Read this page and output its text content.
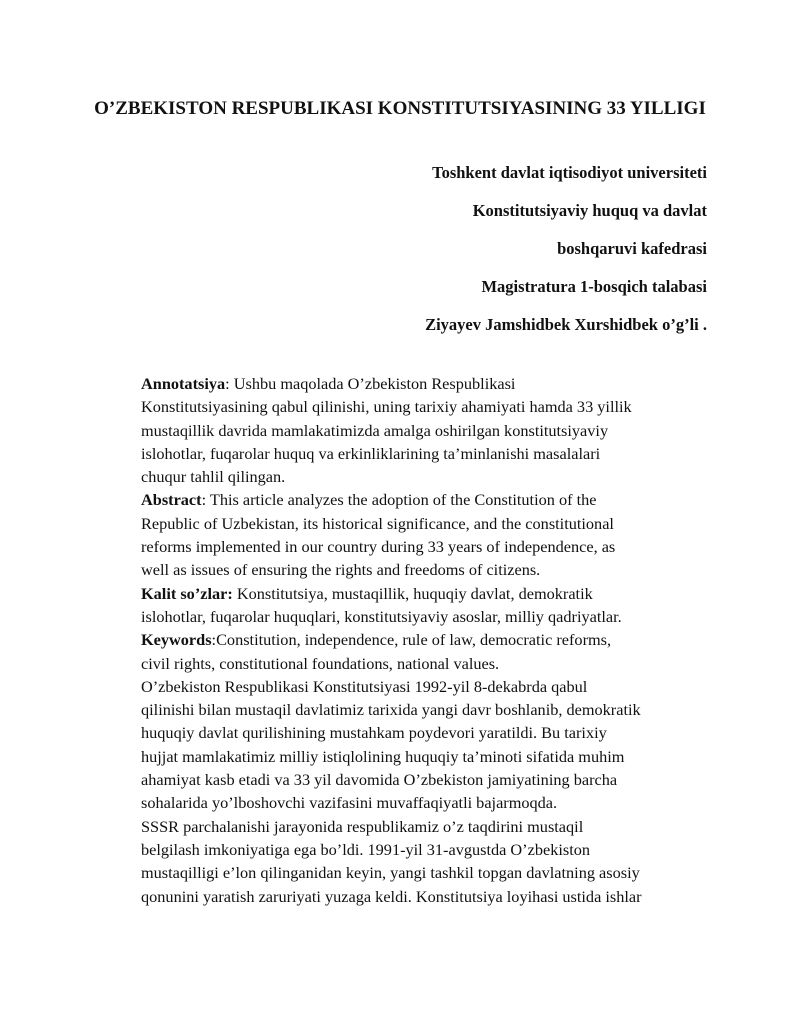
O’ZBEKISTON RESPUBLIKASI KONSTITUTSIYASINING 33 YILLIGI
Toshkent davlat iqtisodiyot universiteti
Konstitutsiyaviy huquq va davlat
boshqaruvi kafedrasi
Magistratura 1-bosqich talabasi
Ziyayev Jamshidbek Xurshidbek o’g’li .
Annotatsiya: Ushbu maqolada O’zbekiston Respublikasi
Konstitutsiyasining qabul qilinishi, uning tarixiy ahamiyati hamda 33 yillik
mustaqillik davrida mamlakatimizda amalga oshirilgan konstitutsiyaviy
islohotlar, fuqarolar huquq va erkinliklarining ta’minlanishi masalalari
chuqur tahlil qilingan.
Abstract: This article analyzes the adoption of the Constitution of the
Republic of Uzbekistan, its historical significance, and the constitutional
reforms implemented in our country during 33 years of independence, as
well as issues of ensuring the rights and freedoms of citizens.
Kalit so’zlar: Konstitutsiya, mustaqillik, huquqiy davlat, demokratik
islohotlar, fuqarolar huquqlari, konstitutsiyaviy asoslar, milliy qadriyatlar.
Keywords:Constitution, independence, rule of law, democratic reforms,
civil rights, constitutional foundations, national values.
O’zbekiston Respublikasi Konstitutsiyasi 1992-yil 8-dekabrda qabul
qilinishi bilan mustaqil davlatimiz tarixida yangi davr boshlanib, demokratik
huquqiy davlat qurilishining mustahkam poydevori yaratildi. Bu tarixiy
hujjat mamlakatimiz milliy istiqlolining huquqiy ta’minoti sifatida muhim
ahamiyat kasb etadi va 33 yil davomida O’zbekiston jamiyatining barcha
sohalarida yo’lboshovchi vazifasini muvaffaqiyatli bajarmoqda.
SSSR parchalanishi jarayonida respublikamiz o’z taqdirini mustaqil
belgilash imkoniyatiga ega bo’ldi. 1991-yil 31-avgustda O’zbekiston
mustaqilligi e’lon qilinganidan keyin, yangi tashkil topgan davlatning asosiy
qonunini yaratish zaruriyati yuzaga keldi. Konstitutsiya loyihasi ustida ishlar
